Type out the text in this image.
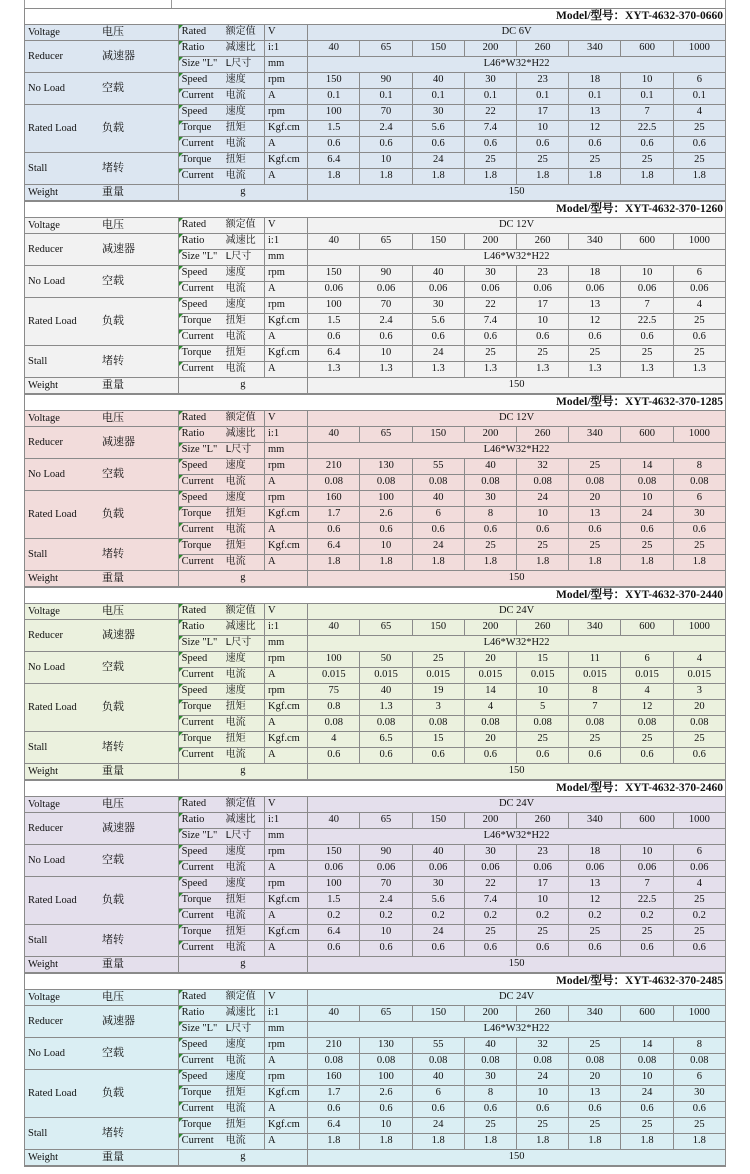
Model/型号：XYT-4632-370-0660										
Voltage 电压	Rated 额定值	V	DC 6V							
Reducer 减速器	Ratio 减速比	i:1	40	65	150	200	260	340	600	1000
	Size "L" L尺寸	mm	L46*W32*H22							
No Load 空载	Speed 速度	rpm	150	90	40	30	23	18	10	6
	Current 电流	A	0.1	0.1	0.1	0.1	0.1	0.1	0.1	0.1
Rated Load 负载	Speed 速度	rpm	100	70	30	22	17	13	7	4
	Torque 扭矩	Kgf.cm	1.5	2.4	5.6	7.4	10	12	22.5	25
	Current 电流	A	0.6	0.6	0.6	0.6	0.6	0.6	0.6	0.6
Stall 堵转	Torque 扭矩	Kgf.cm	6.4	10	24	25	25	25	25	25
	Current 电流	A	1.8	1.8	1.8	1.8	1.8	1.8	1.8	1.8
Weight 重量	g		150							
Model/型号：XYT-4632-370-1260										
Voltage 电压	Rated 额定值	V	DC 12V							
Reducer 减速器	Ratio 减速比	i:1	40	65	150	200	260	340	600	1000
	Size "L" L尺寸	mm	L46*W32*H22							
No Load 空载	Speed 速度	rpm	150	90	40	30	23	18	10	6
	Current 电流	A	0.06	0.06	0.06	0.06	0.06	0.06	0.06	0.06
Rated Load 负载	Speed 速度	rpm	100	70	30	22	17	13	7	4
	Torque 扭矩	Kgf.cm	1.5	2.4	5.6	7.4	10	12	22.5	25
	Current 电流	A	0.6	0.6	0.6	0.6	0.6	0.6	0.6	0.6
Stall 堵转	Torque 扭矩	Kgf.cm	6.4	10	24	25	25	25	25	25
	Current 电流	A	1.3	1.3	1.3	1.3	1.3	1.3	1.3	1.3
Weight 重量	g		150							
Model/型号：XYT-4632-370-1285										
Voltage 电压	Rated 额定值	V	DC 12V							
Reducer 减速器	Ratio 减速比	i:1	40	65	150	200	260	340	600	1000
	Size "L" L尺寸	mm	L46*W32*H22							
No Load 空载	Speed 速度	rpm	210	130	55	40	32	25	14	8
	Current 电流	A	0.08	0.08	0.08	0.08	0.08	0.08	0.08	0.08
Rated Load 负载	Speed 速度	rpm	160	100	40	30	24	20	10	6
	Torque 扭矩	Kgf.cm	1.7	2.6	6	8	10	13	24	30
	Current 电流	A	0.6	0.6	0.6	0.6	0.6	0.6	0.6	0.6
Stall 堵转	Torque 扭矩	Kgf.cm	6.4	10	24	25	25	25	25	25
	Current 电流	A	1.8	1.8	1.8	1.8	1.8	1.8	1.8	1.8
Weight 重量	g		150							
Model/型号：XYT-4632-370-2440										
Voltage 电压	Rated 额定值	V	DC 24V							
Reducer 减速器	Ratio 减速比	i:1	40	65	150	200	260	340	600	1000
	Size "L" L尺寸	mm	L46*W32*H22							
No Load 空载	Speed 速度	rpm	100	50	25	20	15	11	6	4
	Current 电流	A	0.015	0.015	0.015	0.015	0.015	0.015	0.015	0.015
Rated Load 负载	Speed 速度	rpm	75	40	19	14	10	8	4	3
	Torque 扭矩	Kgf.cm	0.8	1.3	3	4	5	7	12	20
	Current 电流	A	0.08	0.08	0.08	0.08	0.08	0.08	0.08	0.08
Stall 堵转	Torque 扭矩	Kgf.cm	4	6.5	15	20	25	25	25	25
	Current 电流	A	0.6	0.6	0.6	0.6	0.6	0.6	0.6	0.6
Weight 重量	g		150							
Model/型号：XYT-4632-370-2460										
Voltage 电压	Rated 额定值	V	DC 24V							
Reducer 减速器	Ratio 减速比	i:1	40	65	150	200	260	340	600	1000
	Size "L" L尺寸	mm	L46*W32*H22							
No Load 空载	Speed 速度	rpm	150	90	40	30	23	18	10	6
	Current 电流	A	0.06	0.06	0.06	0.06	0.06	0.06	0.06	0.06
Rated Load 负载	Speed 速度	rpm	100	70	30	22	17	13	7	4
	Torque 扭矩	Kgf.cm	1.5	2.4	5.6	7.4	10	12	22.5	25
	Current 电流	A	0.2	0.2	0.2	0.2	0.2	0.2	0.2	0.2
Stall 堵转	Torque 扭矩	Kgf.cm	6.4	10	24	25	25	25	25	25
	Current 电流	A	0.6	0.6	0.6	0.6	0.6	0.6	0.6	0.6
Weight 重量	g		150							
Model/型号：XYT-4632-370-2485										
Voltage 电压	Rated 额定值	V	DC 24V							
Reducer 减速器	Ratio 减速比	i:1	40	65	150	200	260	340	600	1000
	Size "L" L尺寸	mm	L46*W32*H22							
No Load 空载	Speed 速度	rpm	210	130	55	40	32	25	14	8
	Current 电流	A	0.08	0.08	0.08	0.08	0.08	0.08	0.08	0.08
Rated Load 负载	Speed 速度	rpm	160	100	40	30	24	20	10	6
	Torque 扭矩	Kgf.cm	1.7	2.6	6	8	10	13	24	30
	Current 电流	A	0.6	0.6	0.6	0.6	0.6	0.6	0.6	0.6
Stall 堵转	Torque 扭矩	Kgf.cm	6.4	10	24	25	25	25	25	25
	Current 电流	A	1.8	1.8	1.8	1.8	1.8	1.8	1.8	1.8
Weight 重量	g		150							
